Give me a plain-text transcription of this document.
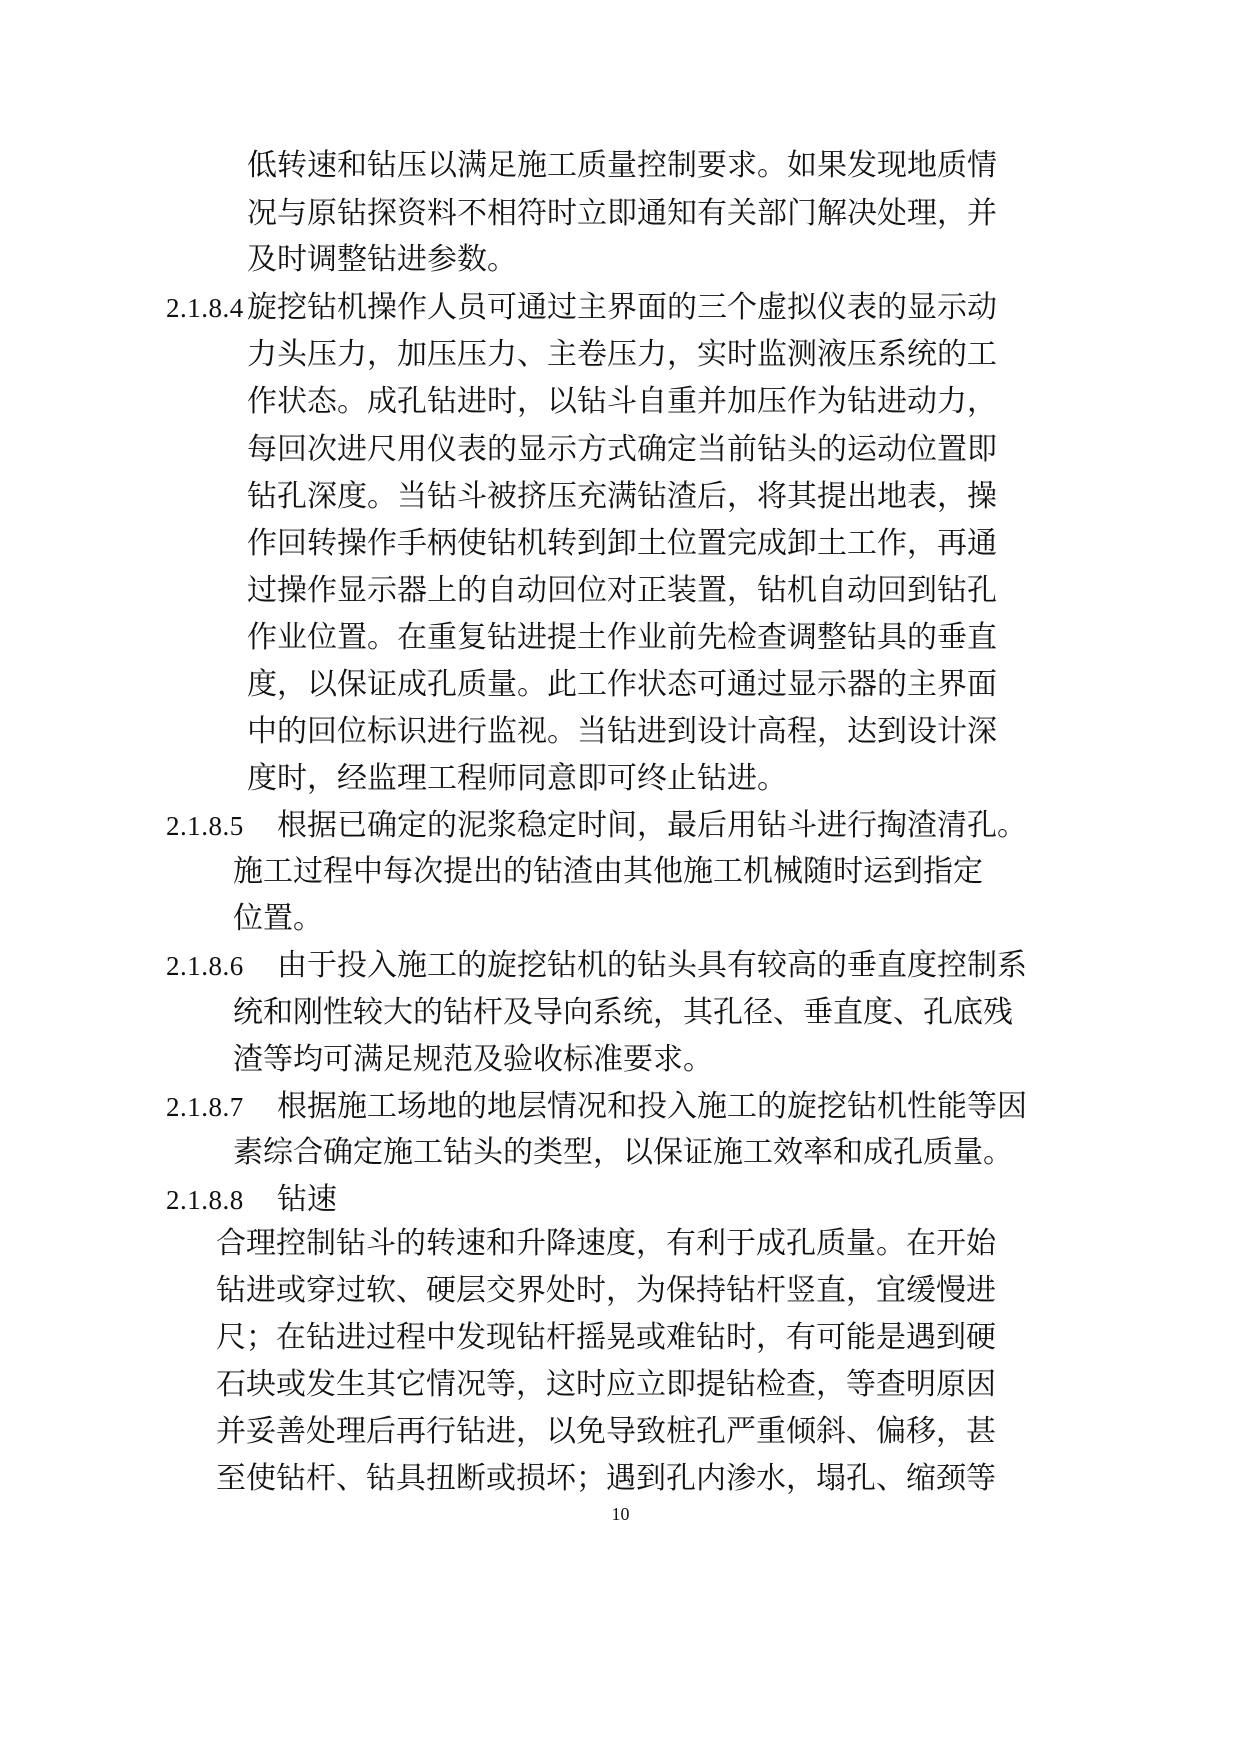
低转速和钻压以满足施工质量控制要求。如果发现地质情
况与原钻探资料不相符时立即通知有关部门解决处理，并
及时调整钻进参数。
2.1.8.4 旋挖钻机操作人员可通过主界面的三个虚拟仪表的显示动
力头压力，加压压力、主卷压力，实时监测液压系统的工
作状态。成孔钻进时，以钻斗自重并加压作为钻进动力，
每回次进尺用仪表的显示方式确定当前钻头的运动位置即
钻孔深度。当钻斗被挤压充满钻渣后，将其提出地表，操
作回转操作手柄使钻机转到卸土位置完成卸土工作，再通
过操作显示器上的自动回位对正装置，钻机自动回到钻孔
作业位置。在重复钻进提土作业前先检查调整钻具的垂直
度，以保证成孔质量。此工作状态可通过显示器的主界面
中的回位标识进行监视。当钻进到设计高程，达到设计深
度时，经监理工程师同意即可终止钻进。
2.1.8.5 根据已确定的泥浆稳定时间，最后用钻斗进行掏渣清孔。
施工过程中每次提出的钻渣由其他施工机械随时运到指定
位置。
2.1.8.6 由于投入施工的旋挖钻机的钻头具有较高的垂直度控制系
统和刚性较大的钻杆及导向系统，其孔径、垂直度、孔底残
渣等均可满足规范及验收标准要求。
2.1.8.7 根据施工场地的地层情况和投入施工的旋挖钻机性能等因
素综合确定施工钻头的类型，以保证施工效率和成孔质量。
2.1.8.8 钻速
合理控制钻斗的转速和升降速度，有利于成孔质量。在开始
钻进或穿过软、硬层交界处时，为保持钻杆竖直，宜缓慢进
尺；在钻进过程中发现钻杆摇晃或难钻时，有可能是遇到硬
石块或发生其它情况等，这时应立即提钻检查，等查明原因
并妥善处理后再行钻进，以免导致桩孔严重倾斜、偏移，甚
至使钻杆、钻具扭断或损坏；遇到孔内渗水，塌孔、缩颈等
10
